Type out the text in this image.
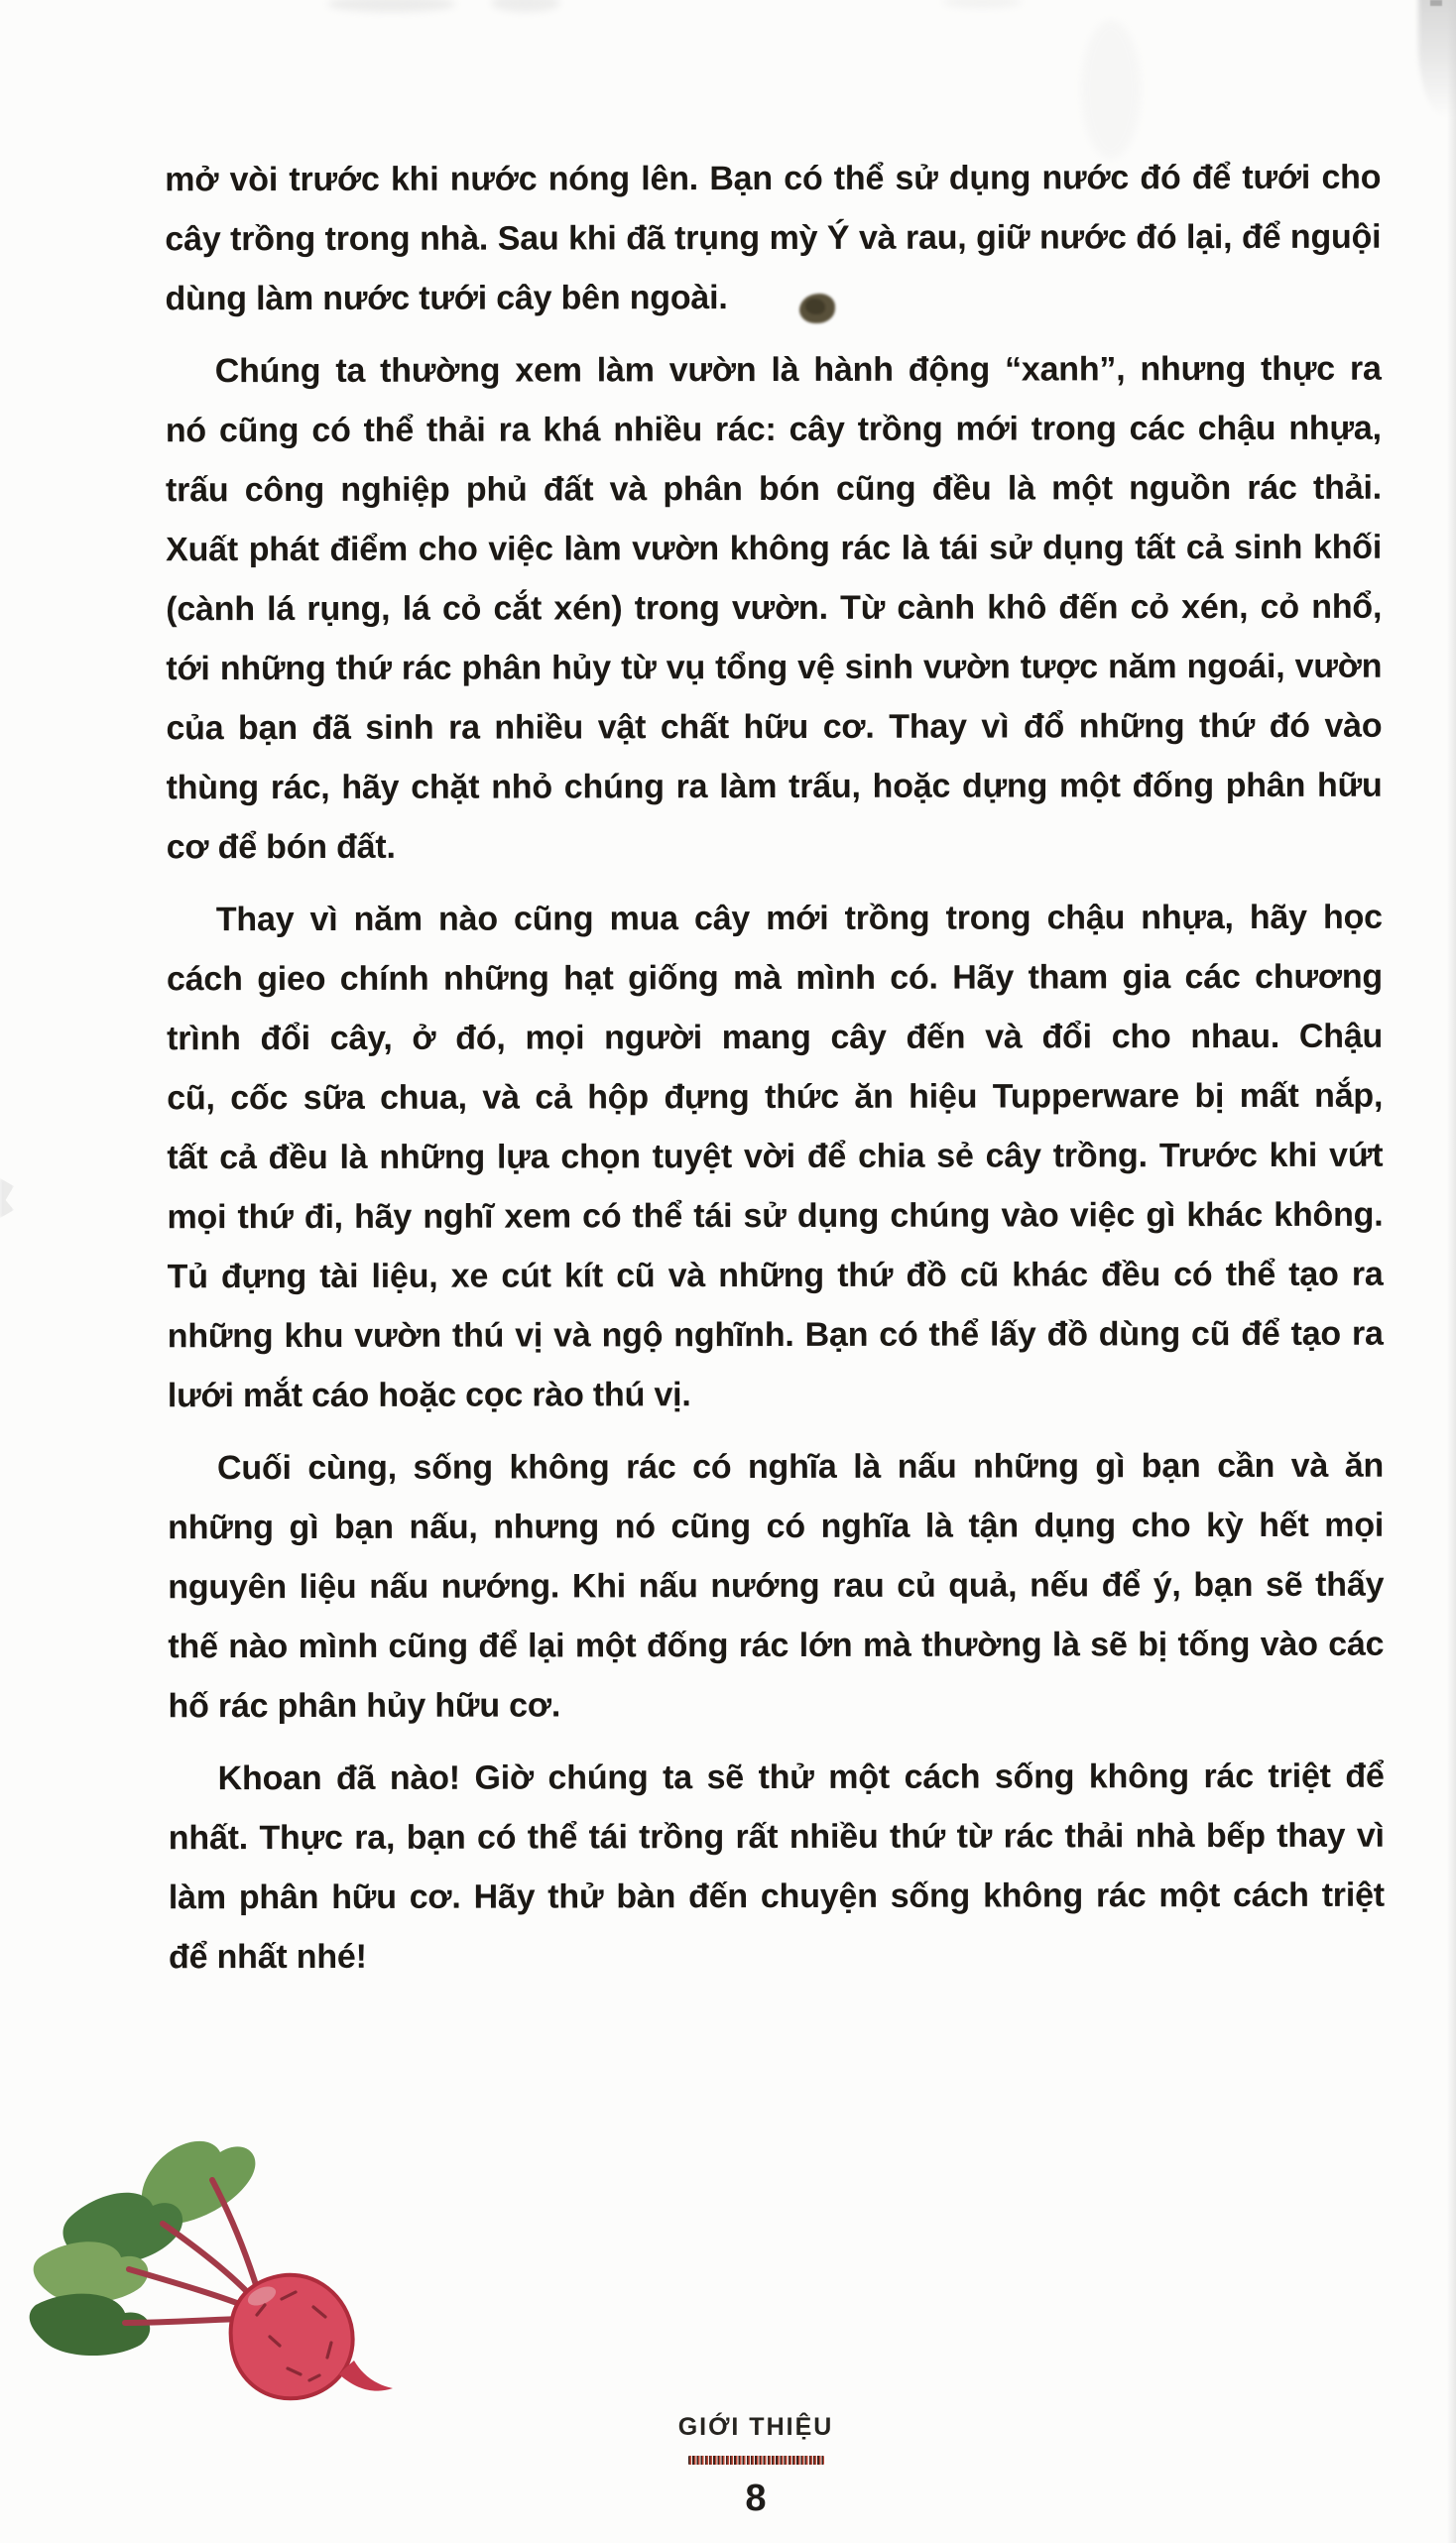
mở vòi trước khi nước nóng lên. Bạn có thể sử dụng nước đó để tưới cho
cây trồng trong nhà. Sau khi đã trụng mỳ Ý và rau, giữ nước đó lại, để nguội
dùng làm nước tưới cây bên ngoài.
Chúng ta thường xem làm vườn là hành động “xanh”, nhưng thực ra
nó cũng có thể thải ra khá nhiều rác: cây trồng mới trong các chậu nhựa,
trấu công nghiệp phủ đất và phân bón cũng đều là một nguồn rác thải.
Xuất phát điểm cho việc làm vườn không rác là tái sử dụng tất cả sinh khối
(cành lá rụng, lá cỏ cắt xén) trong vườn. Từ cành khô đến cỏ xén, cỏ nhổ,
tới những thứ rác phân hủy từ vụ tổng vệ sinh vườn tược năm ngoái, vườn
của bạn đã sinh ra nhiều vật chất hữu cơ. Thay vì đổ những thứ đó vào
thùng rác, hãy chặt nhỏ chúng ra làm trấu, hoặc dựng một đống phân hữu
cơ để bón đất.
Thay vì năm nào cũng mua cây mới trồng trong chậu nhựa, hãy học
cách gieo chính những hạt giống mà mình có. Hãy tham gia các chương
trình đổi cây, ở đó, mọi người mang cây đến và đổi cho nhau. Chậu
cũ, cốc sữa chua, và cả hộp đựng thức ăn hiệu Tupperware bị mất nắp,
tất cả đều là những lựa chọn tuyệt vời để chia sẻ cây trồng. Trước khi vứt
mọi thứ đi, hãy nghĩ xem có thể tái sử dụng chúng vào việc gì khác không.
Tủ đựng tài liệu, xe cút kít cũ và những thứ đồ cũ khác đều có thể tạo ra
những khu vườn thú vị và ngộ nghĩnh. Bạn có thể lấy đồ dùng cũ để tạo ra
lưới mắt cáo hoặc cọc rào thú vị.
Cuối cùng, sống không rác có nghĩa là nấu những gì bạn cần và ăn
những gì bạn nấu, nhưng nó cũng có nghĩa là tận dụng cho kỳ hết mọi
nguyên liệu nấu nướng. Khi nấu nướng rau củ quả, nếu để ý, bạn sẽ thấy
thế nào mình cũng để lại một đống rác lớn mà thường là sẽ bị tống vào các
hố rác phân hủy hữu cơ.
Khoan đã nào! Giờ chúng ta sẽ thử một cách sống không rác triệt để
nhất. Thực ra, bạn có thể tái trồng rất nhiều thứ từ rác thải nhà bếp thay vì
làm phân hữu cơ. Hãy thử bàn đến chuyện sống không rác một cách triệt
để nhất nhé!
GIỚI THIỆU
8
